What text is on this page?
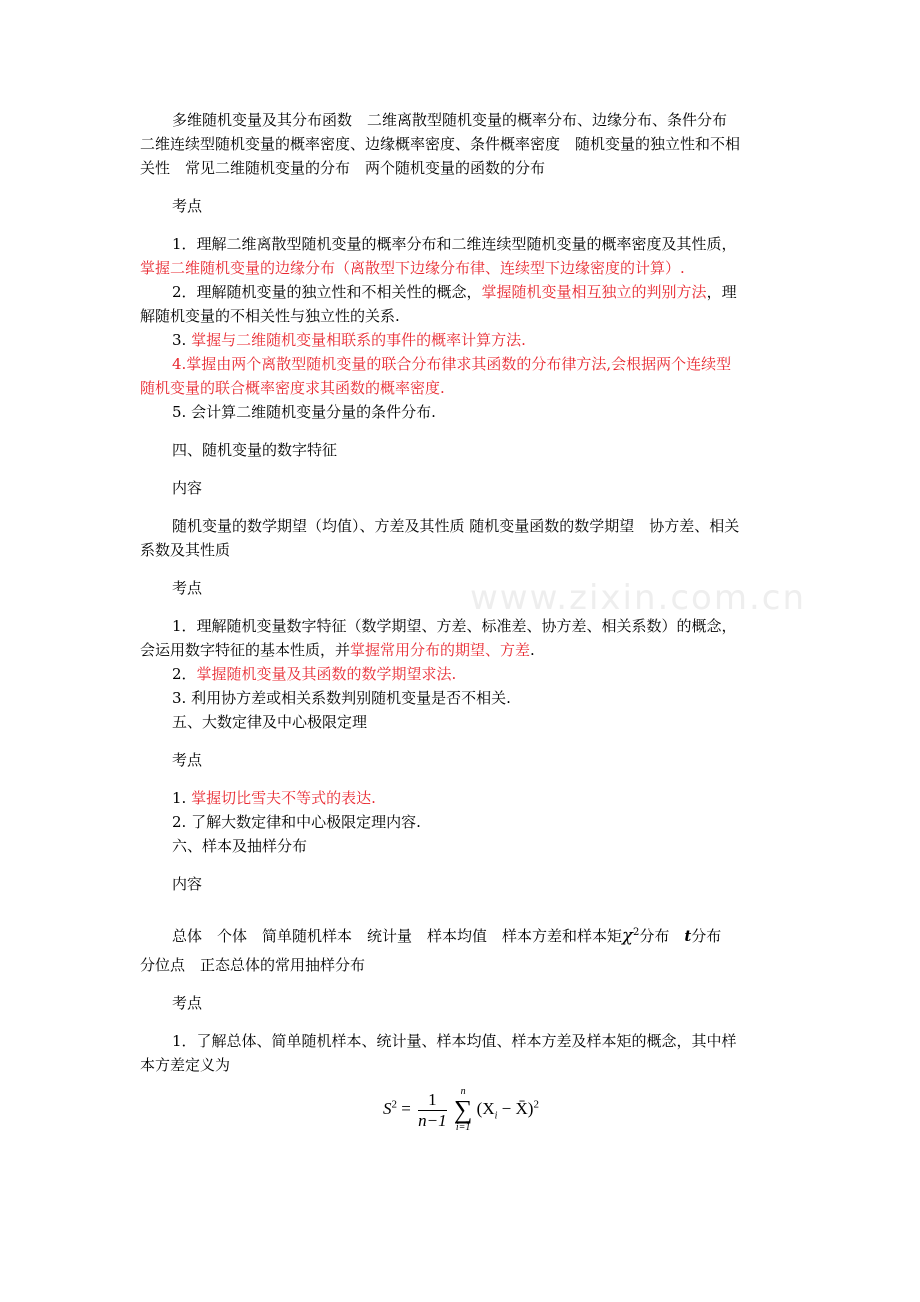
www.zixin.com.cn

多维随机变量及其分布函数　二维离散型随机变量的概率分布、边缘分布、条件分布

二维连续型随机变量的概率密度、边缘概率密度、条件概率密度　随机变量的独立性和不相

关性　常见二维随机变量的分布　两个随机变量的函数的分布

考点

1．理解二维离散型随机变量的概率分布和二维连续型随机变量的概率密度及其性质，

掌握二维随机变量的边缘分布（离散型下边缘分布律、连续型下边缘密度的计算）.

2．理解随机变量的独立性和不相关性的概念，掌握随机变量相互独立的判别方法，理

解随机变量的不相关性与独立性的关系.

3. 掌握与二维随机变量相联系的事件的概率计算方法.

4.掌握由两个离散型随机变量的联合分布律求其函数的分布律方法,会根据两个连续型

随机变量的联合概率密度求其函数的概率密度.

5. 会计算二维随机变量分量的条件分布.

四、随机变量的数字特征

内容

随机变量的数学期望（均值）、方差及其性质 随机变量函数的数学期望　协方差、相关

系数及其性质

考点

1．理解随机变量数字特征（数学期望、方差、标准差、协方差、相关系数）的概念，

会运用数字特征的基本性质，并掌握常用分布的期望、方差.

2．掌握随机变量及其函数的数学期望求法.

3. 利用协方差或相关系数判别随机变量是否不相关.

五、大数定律及中心极限定理

考点

1. 掌握切比雪夫不等式的表达.

2. 了解大数定律和中心极限定理内容.

六、样本及抽样分布

内容

总体　个体　简单随机样本　统计量　样本均值　样本方差和样本矩$\chi^2$分布　t分布

分位点　正态总体的常用抽样分布

考点

1．了解总体、简单随机样本、统计量、样本均值、样本方差及样本矩的概念，其中样

本方差定义为

$S^2 = \frac{1}{n-1}$
	n
∑
i=1
($X_i$ − X̄)$^2$
